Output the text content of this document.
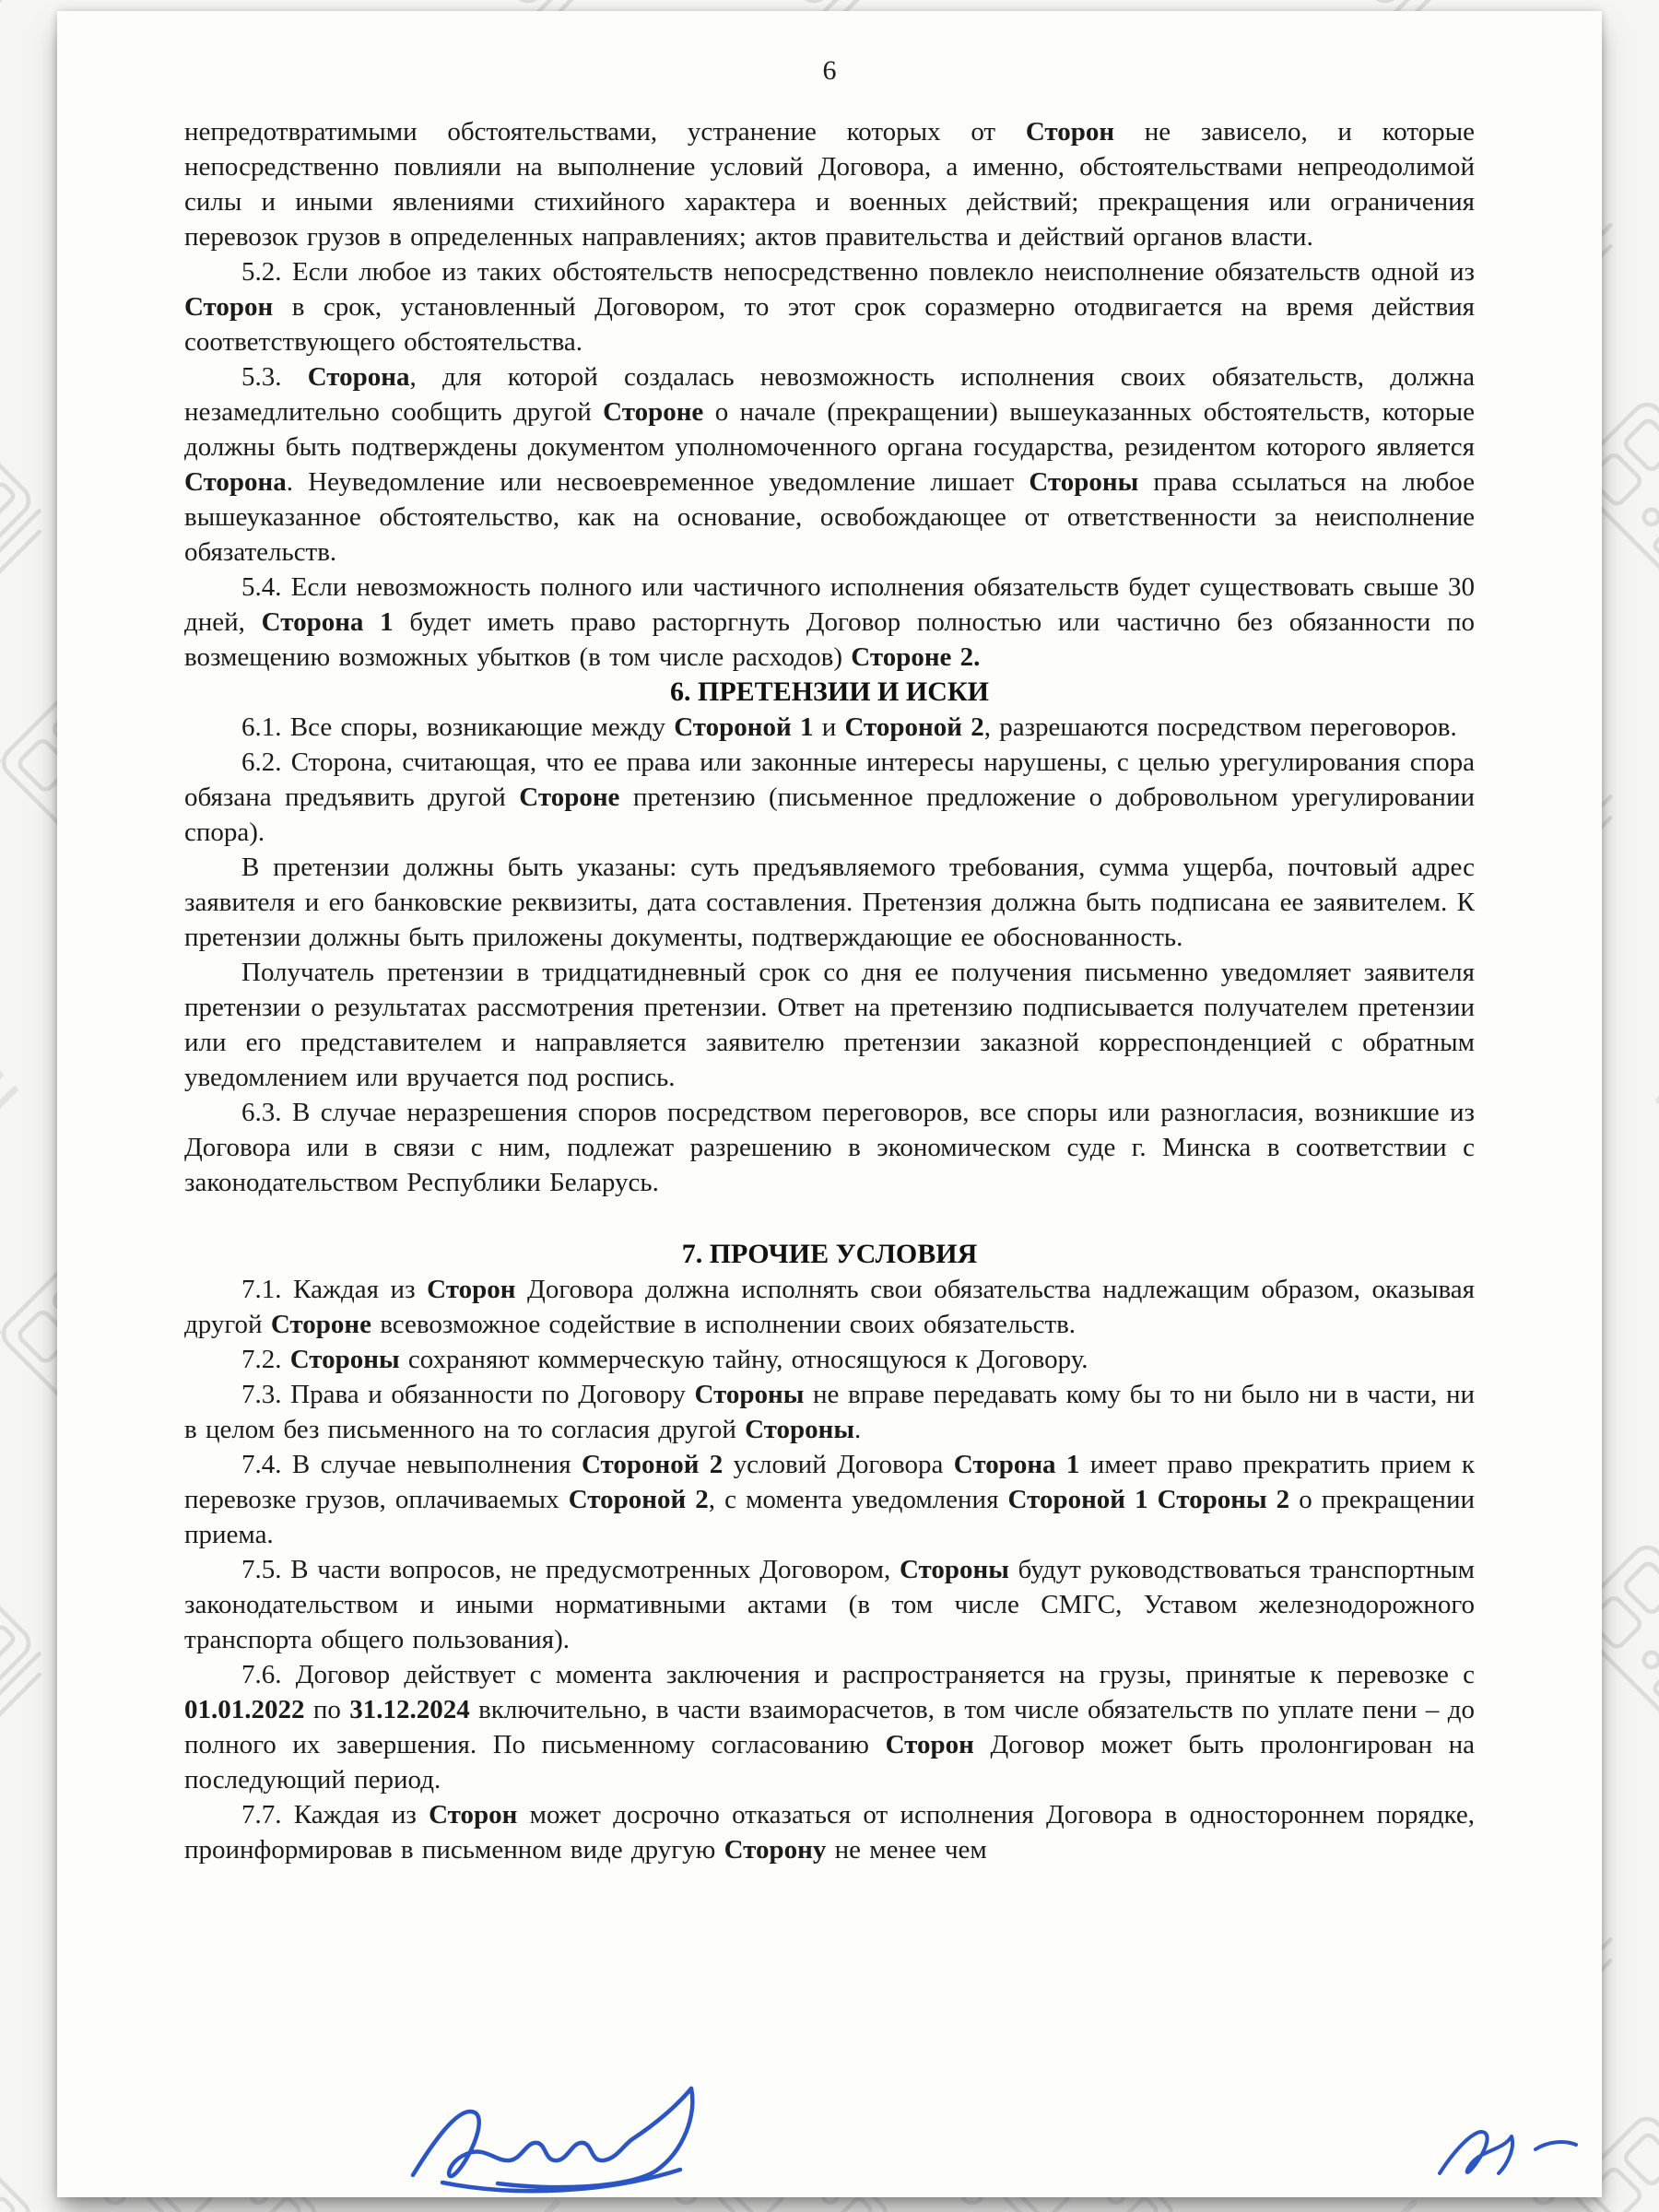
6

непредотвратимыми обстоятельствами, устранение которых от Сторон не зависело, и которые непосредственно повлияли на выполнение условий Договора, а именно, обстоятельствами непреодолимой силы и иными явлениями стихийного характера и военных действий; прекращения или ограничения перевозок грузов в определенных направлениях; актов правительства и действий органов власти.

5.2. Если любое из таких обстоятельств непосредственно повлекло неисполнение обязательств одной из Сторон в срок, установленный Договором, то этот срок соразмерно отодвигается на время действия соответствующего обстоятельства.

5.3. Сторона, для которой создалась невозможность исполнения своих обязательств, должна незамедлительно сообщить другой Стороне о начале (прекращении) вышеуказанных обстоятельств, которые должны быть подтверждены документом уполномоченного органа государства, резидентом которого является Сторона. Неуведомление или несвоевременное уведомление лишает Стороны права ссылаться на любое вышеуказанное обстоятельство, как на основание, освобождающее от ответственности за неисполнение обязательств.

5.4. Если невозможность полного или частичного исполнения обязательств будет существовать свыше 30 дней, Сторона 1 будет иметь право расторгнуть Договор полностью или частично без обязанности по возмещению возможных убытков (в том числе расходов) Стороне 2.

6. ПРЕТЕНЗИИ И ИСКИ

6.1. Все споры, возникающие между Стороной 1 и Стороной 2, разрешаются посредством переговоров.

6.2. Сторона, считающая, что ее права или законные интересы нарушены, с целью урегулирования спора обязана предъявить другой Стороне претензию (письменное предложение о добровольном урегулировании спора).

В претензии должны быть указаны: суть предъявляемого требования, сумма ущерба, почтовый адрес заявителя и его банковские реквизиты, дата составления. Претензия должна быть подписана ее заявителем. К претензии должны быть приложены документы, подтверждающие ее обоснованность.

Получатель претензии в тридцатидневный срок со дня ее получения письменно уведомляет заявителя претензии о результатах рассмотрения претензии. Ответ на претензию подписывается получателем претензии или его представителем и направляется заявителю претензии заказной корреспонденцией с обратным уведомлением или вручается под роспись.

6.3. В случае неразрешения споров посредством переговоров, все споры или разногласия, возникшие из Договора или в связи с ним, подлежат разрешению в экономическом суде г. Минска в соответствии с законодательством Республики Беларусь.

7. ПРОЧИЕ УСЛОВИЯ

7.1. Каждая из Сторон Договора должна исполнять свои обязательства надлежащим образом, оказывая другой Стороне всевозможное содействие в исполнении своих обязательств.

7.2. Стороны сохраняют коммерческую тайну, относящуюся к Договору.

7.3. Права и обязанности по Договору Стороны не вправе передавать кому бы то ни было ни в части, ни в целом без письменного на то согласия другой Стороны.

7.4. В случае невыполнения Стороной 2 условий Договора Сторона 1 имеет право прекратить прием к перевозке грузов, оплачиваемых Стороной 2, с момента уведомления Стороной 1 Стороны 2 о прекращении приема.

7.5. В части вопросов, не предусмотренных Договором, Стороны будут руководствоваться транспортным законодательством и иными нормативными актами (в том числе СМГС, Уставом железнодорожного транспорта общего пользования).

7.6. Договор действует с момента заключения и распространяется на грузы, принятые к перевозке с 01.01.2022 по 31.12.2024 включительно, в части взаиморасчетов, в том числе обязательств по уплате пени – до полного их завершения. По письменному согласованию Сторон Договор может быть пролонгирован на последующий период.

7.7. Каждая из Сторон может досрочно отказаться от исполнения Договора в одностороннем порядке, проинформировав в письменном виде другую Сторону не менее чем
